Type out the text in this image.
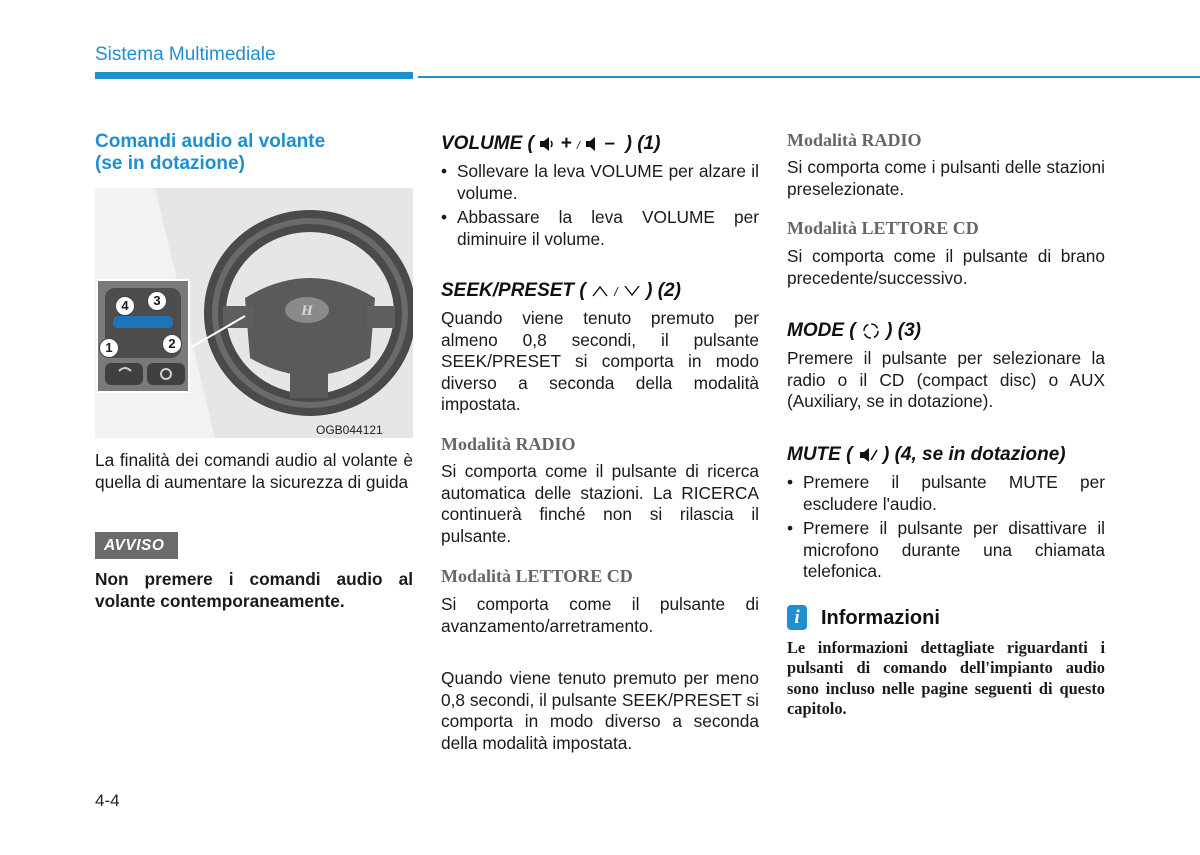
Sistema Multimediale
Comandi audio al volante
(se in dotazione)
H
4	3
1	2
OGB044121
La finalità dei comandi audio al volante è quella di aumentare la sicurezza di guida
AVVISO
Non premere i comandi audio al volante contemporaneamente.
VOLUME ( + / – ) (1)
• Sollevare la leva VOLUME per alzare il volume.
• Abbassare la leva VOLUME per diminuire il volume.
SEEK/PRESET ( / ) (2)
Quando viene tenuto premuto per almeno 0,8 secondi, il pulsante SEEK/PRESET si comporta in modo diverso a seconda della modalità impostata.
Modalità RADIO
Si comporta come il pulsante di ricerca automatica delle stazioni. La RICERCA continuerà finché non si rilascia il pulsante.
Modalità LETTORE CD
Si comporta come il pulsante di avanzamento/arretramento.
Quando viene tenuto premuto per meno 0,8 secondi, il pulsante SEEK/PRESET si comporta in modo diverso a seconda della modalità impostata.
Modalità RADIO
Si comporta come i pulsanti delle stazioni preselezionate.
Modalità LETTORE CD
Si comporta come il pulsante di brano precedente/successivo.
MODE ( ) (3)
Premere il pulsante per selezionare la radio o il CD (compact disc) o AUX (Auxiliary, se in dotazione).
MUTE ( ) (4, se in dotazione)
• Premere il pulsante MUTE per escludere l'audio.
• Premere il pulsante per disattivare il microfono durante una chiamata telefonica.
i	Informazioni
Le informazioni dettagliate riguardanti i pulsanti di comando dell'impianto audio sono incluso nelle pagine seguenti di questo capitolo.
4-4
